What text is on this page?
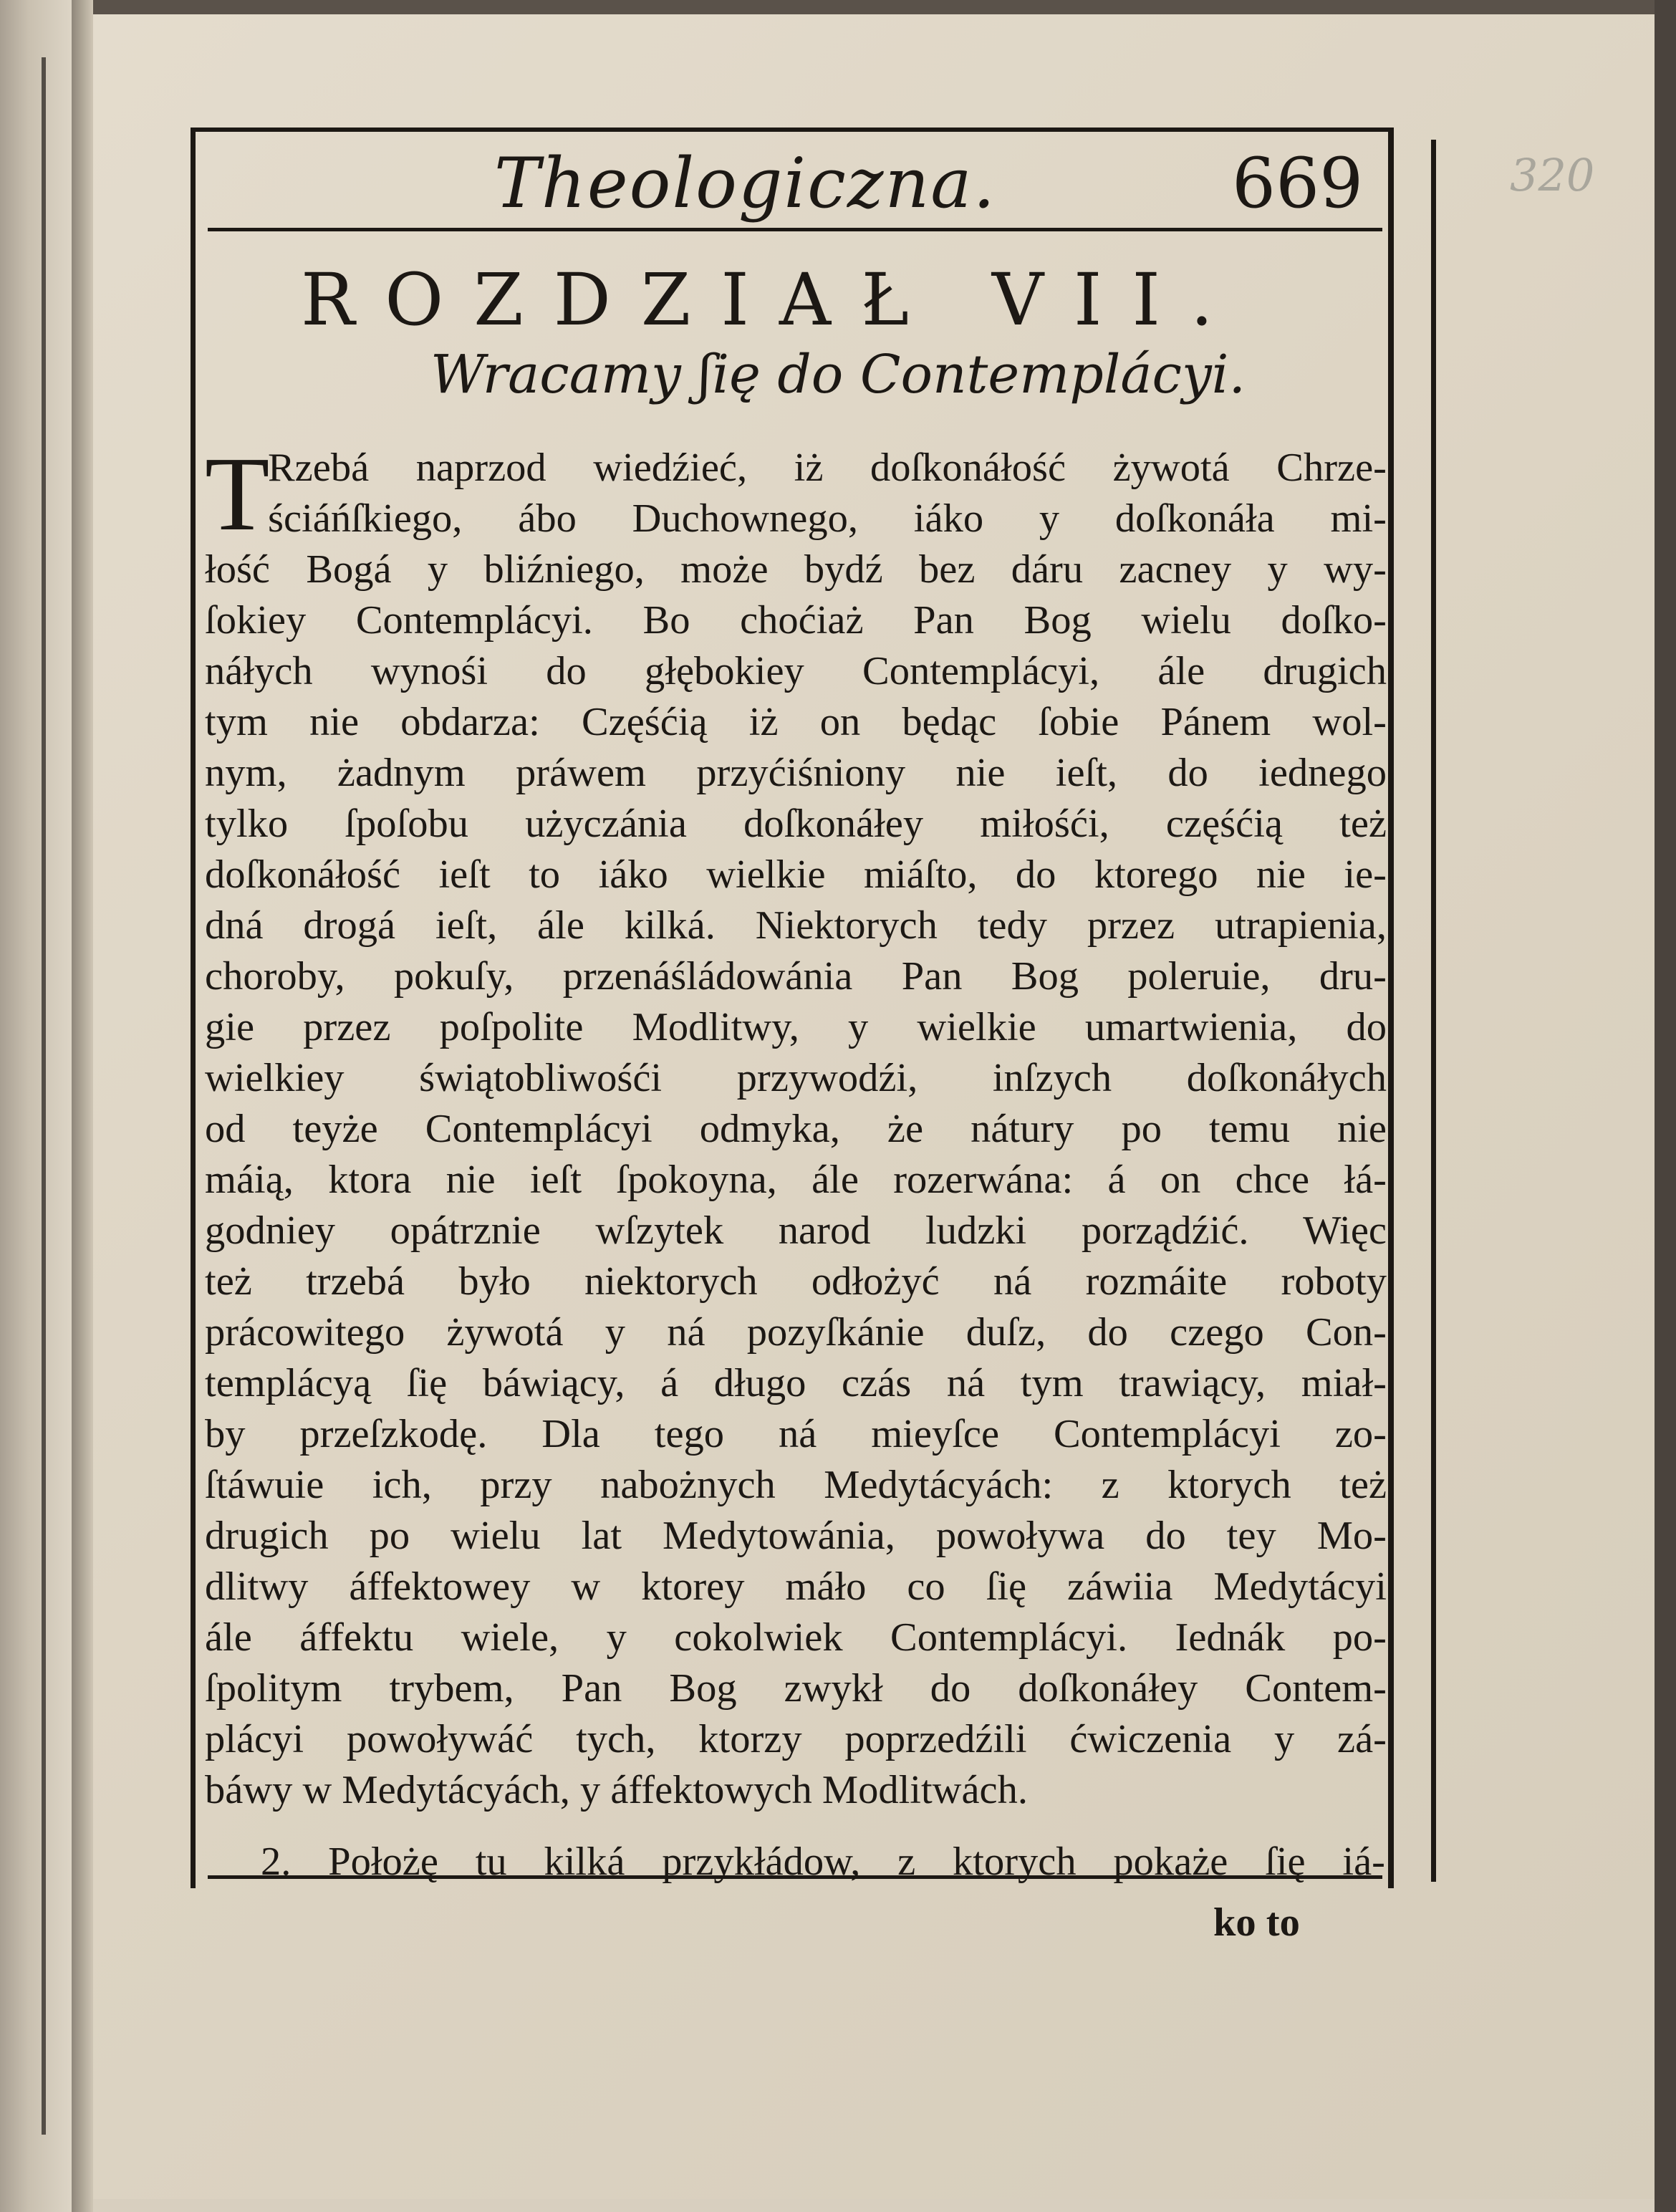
Theologiczna.	669	320
ROZDZIAŁ VII.
Wracamy ʃię do Contemplácyi.
T
Rzebá naprzod wiedźieć, iż doſkonáłość żywotá Chrze-
ściáńſkiego, ábo Duchownego, iáko y doſkonáła mi-
łość Bogá y bliźniego, może bydź bez dáru zacney y wy-
ſokiey Contemplácyi. Bo choćiaż Pan Bog wielu doſko-
náłych wynośi do głębokiey Contemplácyi, ále drugich
tym nie obdarza: Częśćią iż on będąc ſobie Pánem wol-
nym, żadnym práwem przyćiśniony nie ieſt, do iednego
tylko ſpoſobu użyczánia doſkonáłey miłośći, częśćią też
doſkonáłość ieſt to iáko wielkie miáſto, do ktorego nie ie-
dná drogá ieſt, ále kilká. Niektorych tedy przez utrapienia,
choroby, pokuſy, przenáśládowánia Pan Bog poleruie, dru-
gie przez poſpolite Modlitwy, y wielkie umartwienia, do
wielkiey świątobliwośći przywodźi, inſzych doſkonáłych
od teyże Contemplácyi odmyka, że nátury po temu nie
máią, ktora nie ieſt ſpokoyna, ále rozerwána: á on chce łá-
godniey opátrznie wſzytek narod ludzki porządźić. Więc
też trzebá było niektorych odłożyć ná rozmáite roboty
prácowitego żywotá y ná pozyſkánie duſz, do czego Con-
templácyą ſię báwiący, á długo czás ná tym trawiący, miał-
by przeſzkodę. Dla tego ná mieyſce Contemplácyi zo-
ſtáwuie ich, przy nabożnych Medytácyách: z ktorych też
drugich po wielu lat Medytowánia, powoływa do tey Mo-
dlitwy áffektowey w ktorey máło co ſię záwiia Medytácyi
ále áffektu wiele, y cokolwiek Contemplácyi. Iednák po-
ſpolitym trybem, Pan Bog zwykł do doſkonáłey Contem-
plácyi powoływáć tych, ktorzy poprzedźili ćwiczenia y zá-
báwy w Medytácyách, y áffektowych Modlitwách.
2. Położę tu kilká przykłádow, z ktorych pokaże ſię iá-
ko to
